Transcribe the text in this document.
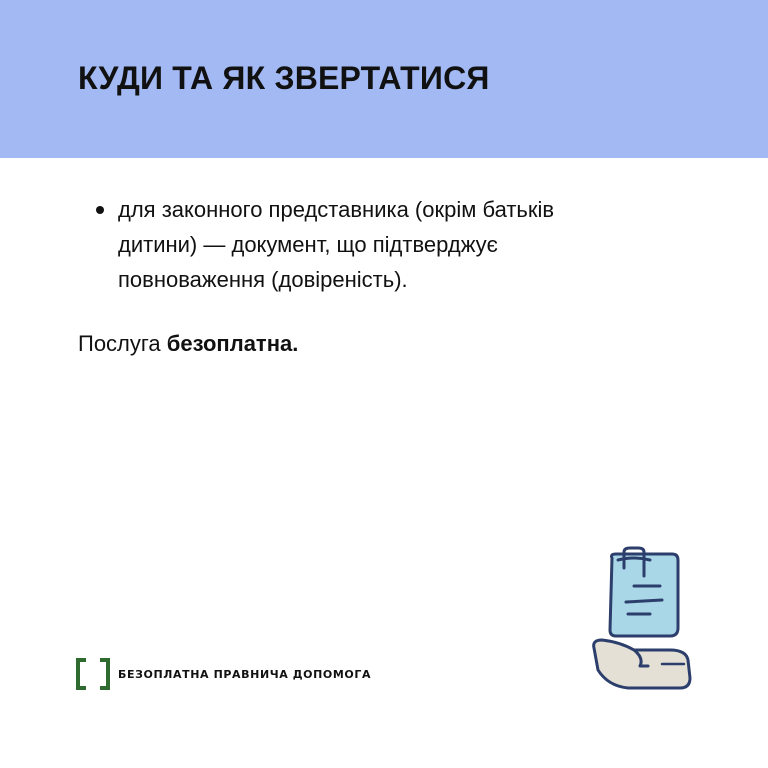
КУДИ ТА ЯК ЗВЕРТАТИСЯ
для законного представника (окрім батьків
дитини) — документ, що підтверджує
повноваження (довіреність).

Послуга безоплатна.

БЕЗОПЛАТНА ПРАВНИЧА ДОПОМОГА
